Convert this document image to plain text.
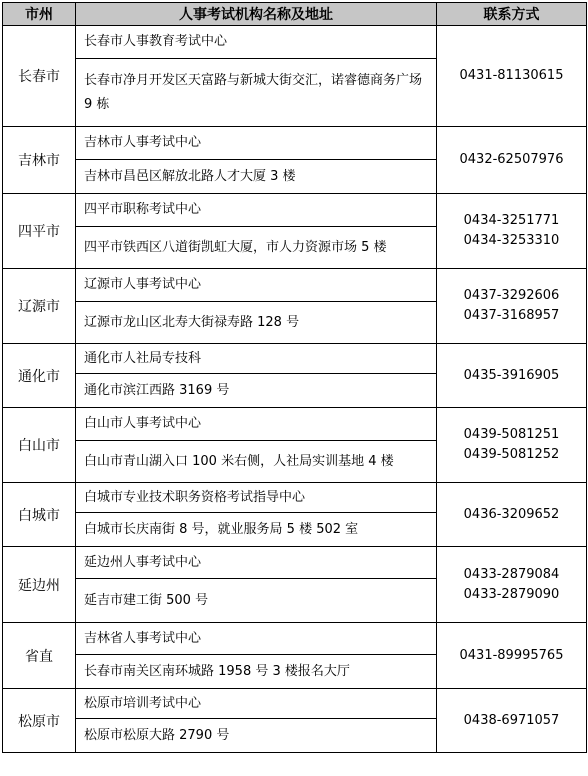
市州	人事考试机构名称及地址	联系方式
长春市	长春市人事教育考试中心	0431-81130615

	长春市净月开发区天富路与新城大街交汇，诺睿德商务广场 9 栋	
吉林市	吉林市人事考试中心	0432-62507976

	吉林市昌邑区解放北路人才大厦 3 楼	
四平市	四平市职称考试中心	0434-3251771
0434-3253310

	四平市铁西区八道街凯虹大厦，市人力资源市场 5 楼	
辽源市	辽源市人事考试中心	0437-3292606
0437-3168957

	辽源市龙山区北寿大街禄寿路 128 号	
通化市	通化市人社局专技科	0435-3916905

	通化市滨江西路 3169 号	
白山市	白山市人事考试中心	0439-5081251
0439-5081252

	白山市青山湖入口 100 米右侧，人社局实训基地 4 楼	
白城市	白城市专业技术职务资格考试指导中心	0436-3209652

	白城市长庆南街 8 号，就业服务局 5 楼 502 室	
延边州	延边州人事考试中心	0433-2879084
0433-2879090

	延吉市建工街 500 号	
省直	吉林省人事考试中心	0431-89995765

	长春市南关区南环城路 1958 号 3 楼报名大厅	
松原市	松原市培训考试中心	0438-6971057

	松原市松原大路 2790 号	
